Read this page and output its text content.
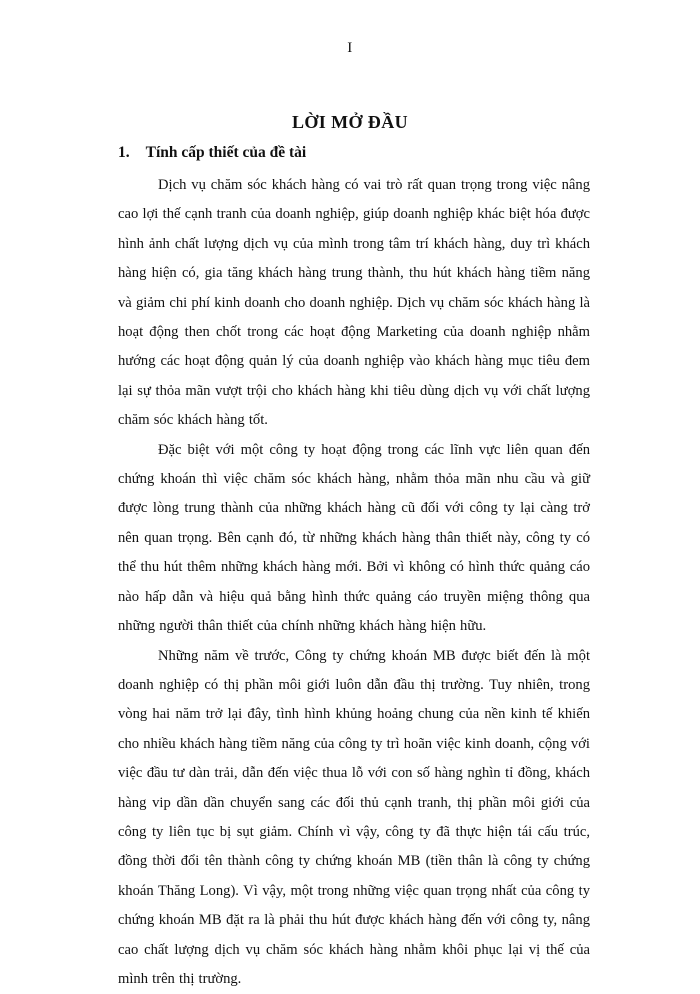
I
LỜI MỞ ĐẦU
1. Tính cấp thiết của đề tài

Dịch vụ chăm sóc khách hàng có vai trò rất quan trọng trong việc nâng cao lợi thế cạnh tranh của doanh nghiệp, giúp doanh nghiệp khác biệt hóa được hình ảnh chất lượng dịch vụ của mình trong tâm trí khách hàng, duy trì khách hàng hiện có, gia tăng khách hàng trung thành, thu hút khách hàng tiềm năng và giảm chi phí kinh doanh cho doanh nghiệp. Dịch vụ chăm sóc khách hàng là hoạt động then chốt trong các hoạt động Marketing của doanh nghiệp nhằm hướng các hoạt động quản lý của doanh nghiệp vào khách hàng mục tiêu đem lại sự thỏa mãn vượt trội cho khách hàng khi tiêu dùng dịch vụ với chất lượng chăm sóc khách hàng tốt.

Đặc biệt với một công ty hoạt động trong các lĩnh vực liên quan đến chứng khoán thì việc chăm sóc khách hàng, nhằm thỏa mãn nhu cầu và giữ được lòng trung thành của những khách hàng cũ đối với công ty lại càng trở nên quan trọng. Bên cạnh đó, từ những khách hàng thân thiết này, công ty có thể thu hút thêm những khách hàng mới. Bởi vì không có hình thức quảng cáo nào hấp dẫn và hiệu quả bằng hình thức quảng cáo truyền miệng thông qua những người thân thiết của chính những khách hàng hiện hữu.

Những năm về trước, Công ty chứng khoán MB được biết đến là một doanh nghiệp có thị phần môi giới luôn dẫn đầu thị trường. Tuy nhiên, trong vòng hai năm trở lại đây, tình hình khủng hoảng chung của nền kinh tế khiến cho nhiều khách hàng tiềm năng của công ty trì hoãn việc kinh doanh, cộng với việc đầu tư dàn trải, dẫn đến việc thua lỗ với con số hàng nghìn tỉ đồng, khách hàng vip dần dần chuyển sang các đối thủ cạnh tranh, thị phần môi giới của công ty liên tục bị sụt giảm. Chính vì vậy, công ty đã thực hiện tái cấu trúc, đồng thời đổi tên thành công ty chứng khoán MB (tiền thân là công ty chứng khoán Thăng Long). Vì vậy, một trong những việc quan trọng nhất của công ty chứng khoán MB đặt ra là phải thu hút được khách hàng đến với công ty, nâng cao chất lượng dịch vụ chăm sóc khách hàng nhằm khôi phục lại vị thế của mình trên thị trường.
